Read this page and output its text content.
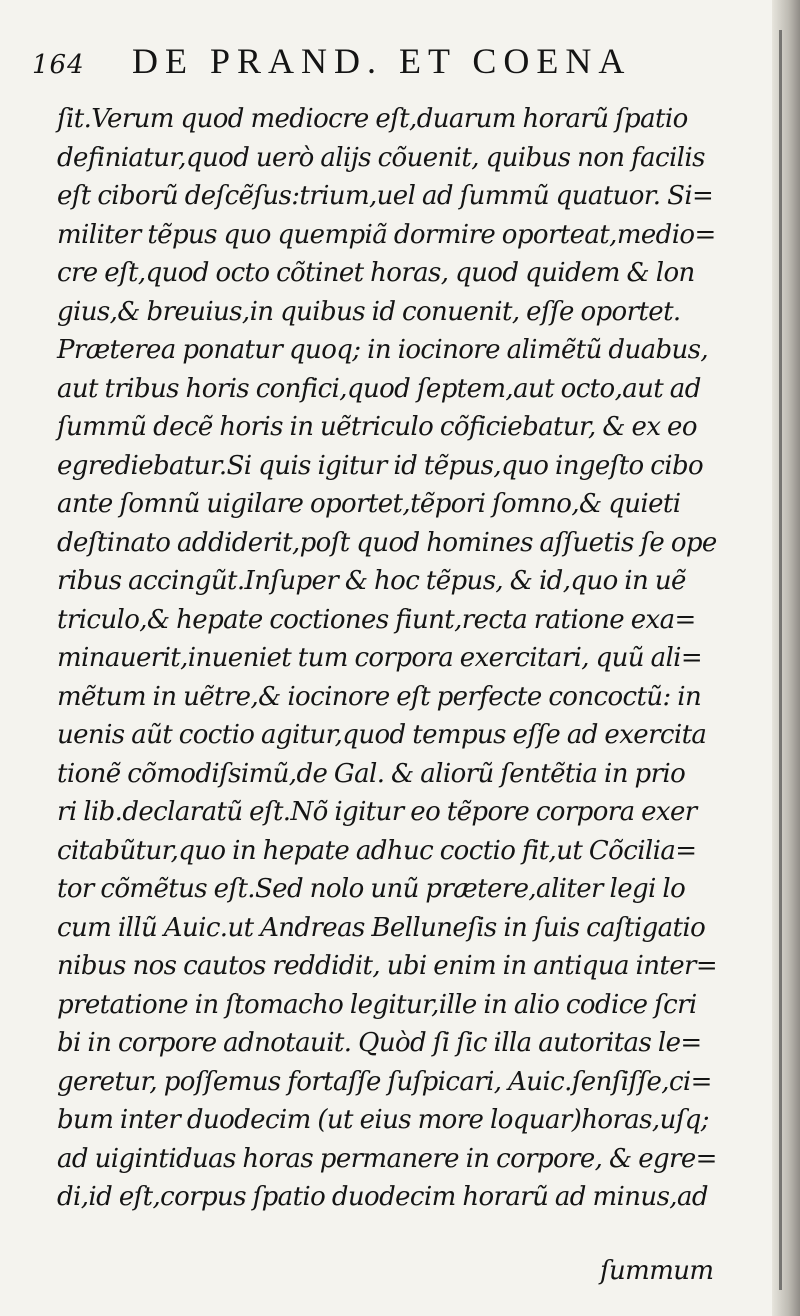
164 DE PRAND. ET COENA
ſit.Verum quod mediocre eſt,duarum horarũ ſpatio
definiatur,quod uerò alijs cõuenit, quibus non facilis
eſt ciborũ deſcẽſus:trium,uel ad ſummũ quatuor. Si=
militer tẽpus quo quempiã dormire oporteat,medio=
cre eſt,quod octo cõtinet horas, quod quidem & lon
gius,& breuius,in quibus id conuenit, eſſe oportet.
Præterea ponatur quoq; in iocinore alimẽtũ duabus,
aut tribus horis confici,quod ſeptem,aut octo,aut ad
ſummũ decẽ horis in uẽtriculo cõficiebatur, & ex eo
egrediebatur.Si quis igitur id tẽpus,quo ingeſto cibo
ante ſomnũ uigilare oportet,tẽpori ſomno,& quieti
deſtinato addiderit,poſt quod homines aſſuetis ſe ope
ribus accingũt.Inſuper & hoc tẽpus, & id,quo in uẽ
triculo,& hepate coctiones fiunt,recta ratione exa=
minauerit,inueniet tum corpora exercitari, quũ ali=
mẽtum in uẽtre,& iocinore eſt perfecte concoctũ: in
uenis aũt coctio agitur,quod tempus eſſe ad exercita
tionẽ cõmodiſsimũ,de Gal. & aliorũ ſentẽtia in prio
ri lib.declaratũ eſt.Nõ igitur eo tẽpore corpora exer
citabũtur,quo in hepate adhuc coctio fit,ut Cõcilia=
tor cõmẽtus eſt.Sed nolo unũ prætere,aliter legi lo
cum illũ Auic.ut Andreas Belluneſis in ſuis caſtigatio
nibus nos cautos reddidit, ubi enim in antiqua inter=
pretatione in ſtomacho legitur,ille in alio codice ſcri
bi in corpore adnotauit. Quòd ſi ſic illa autoritas le=
geretur, poſſemus fortaſſe ſuſpicari, Auic.ſenſiſſe,ci=
bum inter duodecim (ut eius more loquar)horas,uſq;
ad uigintiduas horas permanere in corpore, & egre=
di,id eſt,corpus ſpatio duodecim horarũ ad minus,ad
ſummum
